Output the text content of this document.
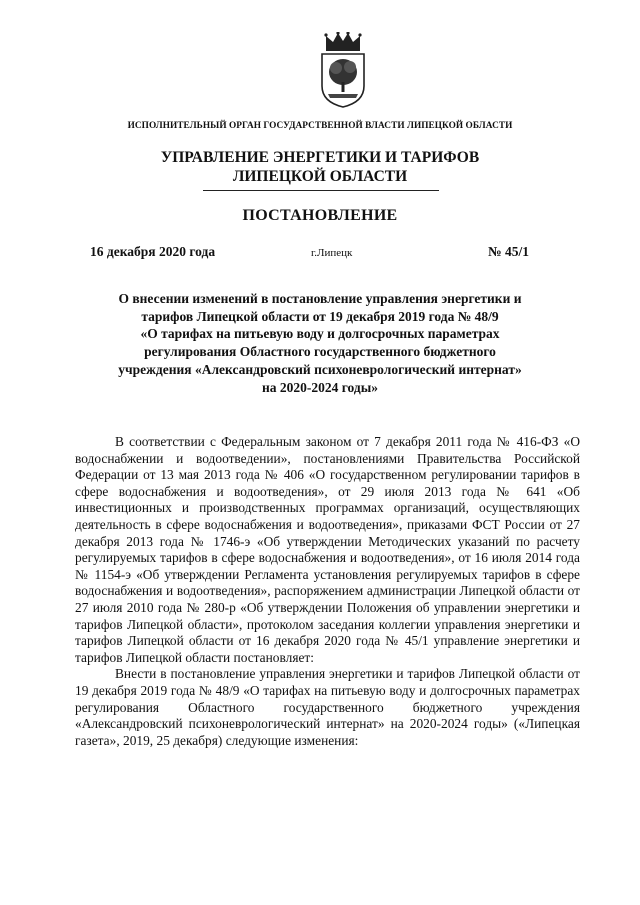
ИСПОЛНИТЕЛЬНЫЙ ОРГАН ГОСУДАРСТВЕННОЙ ВЛАСТИ ЛИПЕЦКОЙ ОБЛАСТИ
УПРАВЛЕНИЕ ЭНЕРГЕТИКИ И ТАРИФОВ
ЛИПЕЦКОЙ ОБЛАСТИ
ПОСТАНОВЛЕНИЕ
16 декабря 2020 года	г.Липецк	№ 45/1
О внесении изменений в постановление управления энергетики и
тарифов Липецкой области от 19 декабря 2019 года № 48/9
«О тарифах на питьевую воду и долгосрочных параметрах
регулирования Областного государственного бюджетного
учреждения «Александровский психоневрологический интернат»
на 2020-2024 годы»

В соответствии с Федеральным законом от 7 декабря 2011 года № 416-ФЗ «О водоснабжении и водоотведении», постановлениями Правительства Российской Федерации от 13 мая 2013 года № 406 «О государственном регулировании тарифов в сфере водоснабжения и водоотведения», от 29 июля 2013 года № 641 «Об инвестиционных и производственных программах организаций, осуществляющих деятельность в сфере водоснабжения и водоотведения», приказами ФСТ России от 27 декабря 2013 года № 1746-э «Об утверждении Методических указаний по расчету регулируемых тарифов в сфере водоснабжения и водоотведения», от 16 июля 2014 года № 1154-э «Об утверждении Регламента установления регулируемых тарифов в сфере водоснабжения и водоотведения», распоряжением администрации Липецкой области от 27 июля 2010 года № 280-р «Об утверждении Положения об управлении энергетики и тарифов Липецкой области», протоколом заседания коллегии управления энергетики и тарифов Липецкой области от 16 декабря 2020 года № 45/1 управление энергетики и тарифов Липецкой области постановляет:

Внести в постановление управления энергетики и тарифов Липецкой области от 19 декабря 2019 года № 48/9 «О тарифах на питьевую воду и долгосрочных параметрах регулирования Областного государственного бюджетного учреждения «Александровский психоневрологический интернат» на 2020-2024 годы» («Липецкая газета», 2019, 25 декабря) следующие изменения:
